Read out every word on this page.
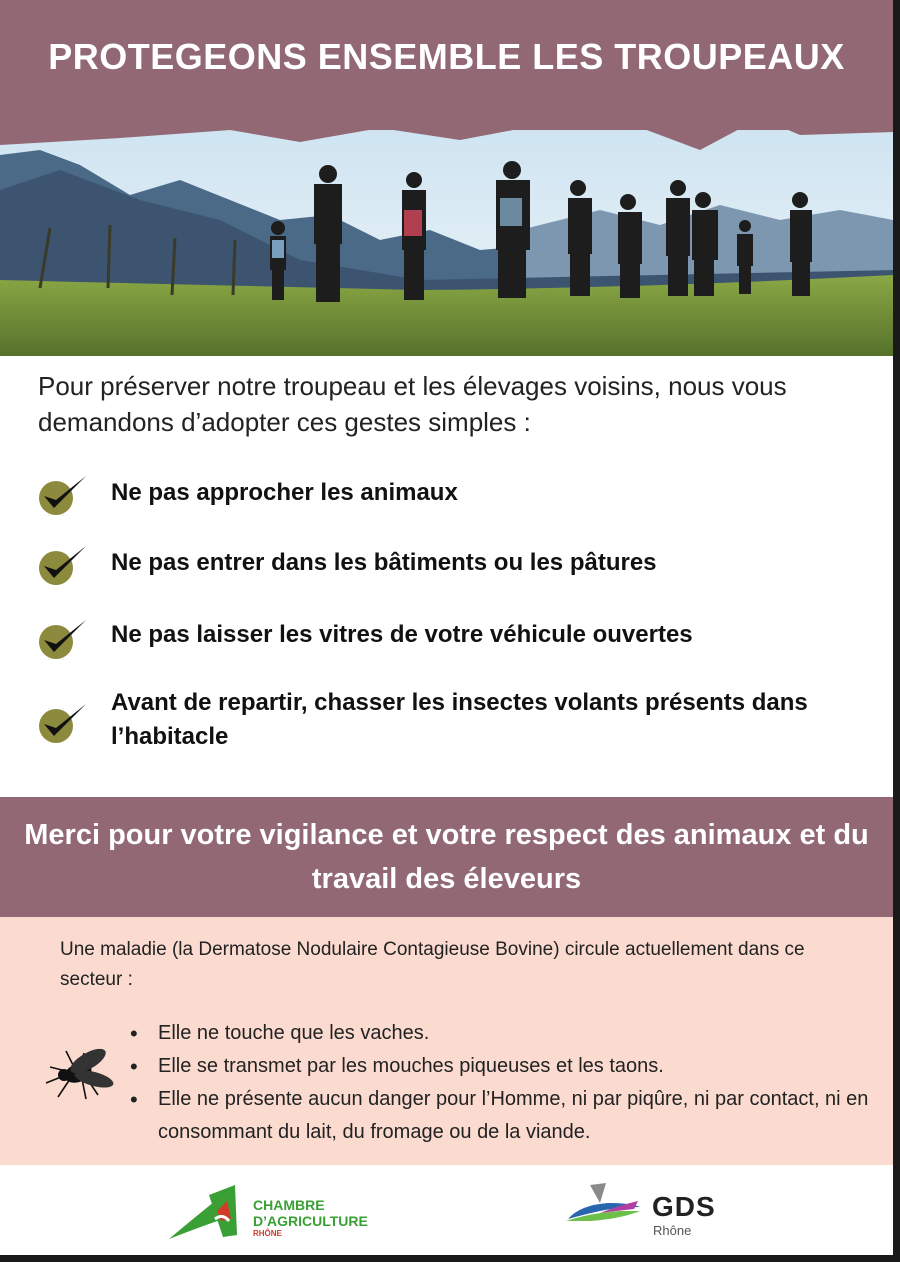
PROTEGEONS ENSEMBLE LES TROUPEAUX
Pour préserver notre troupeau et les élevages voisins, nous vous demandons d’adopter ces gestes simples :
Ne pas approcher les animaux
Ne pas entrer dans les bâtiments ou les pâtures
Ne pas laisser les vitres de votre véhicule ouvertes
Avant de repartir, chasser les insectes volants présents dans l’habitacle
Merci pour votre vigilance et votre respect des animaux et du travail des éleveurs
Une maladie (la Dermatose Nodulaire Contagieuse Bovine) circule actuellement dans ce secteur :
• Elle ne touche que les vaches.
• Elle se transmet par les mouches piqueuses et les taons.
• Elle ne présente aucun danger pour l’Homme, ni par piqûre, ni par contact, ni en consommant du lait, du fromage ou de la viande.
CHAMBRE
D’AGRICULTURE
RHÔNE
GDS
Rhône
